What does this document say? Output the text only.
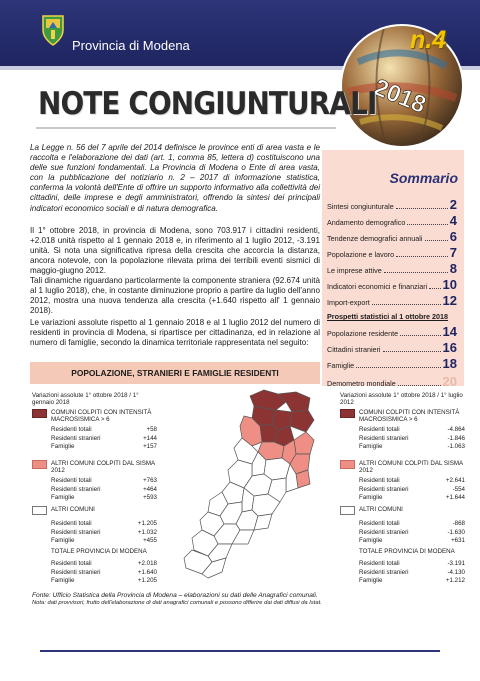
Provincia di Modena
2018
n.4
NOTE CONGIUNTURALI

La Legge n. 56 del 7 aprile del 2014 definisce le province enti di area vasta e le raccolta e l'elaborazione dei dati (art. 1, comma 85, lettera d) costituiscono una delle sue funzioni fondamentali. La Provincia di Modena o Ente di area vasta, con la pubblicazione del notiziario n. 2 – 2017 di informazione statistica, conferma la volontà dell'Ente di offrire un supporto informativo alla collettività dei cittadini, delle imprese e degli amministratori, offrendo la sintesi dei principali indicatori economico sociali e di natura demografica.

Il 1° ottobre 2018, in provincia di Modena, sono 703.917 i cittadini residenti, +2.018 unità rispetto al 1 gennaio 2018 e, in riferimento al 1 luglio 2012, -3.191 unità. Si nota una significativa ripresa della crescita che accorcia la distanza, ancora notevole, con la popolazione rilevata prima dei terribili eventi sismici di maggio-giugno 2012.

Tali dinamiche riguardano particolarmente la componente straniera (92.674 unità al 1 luglio 2018), che, in costante diminuzione proprio a partire da luglio dell'anno 2012, mostra una nuova tendenza alla crescita (+1.640 rispetto all' 1 gennaio 2018).

Le variazioni assolute rispetto al 1 gennaio 2018 e al 1 luglio 2012 del numero di residenti in provincia di Modena, si ripartisce per cittadinanza, ed in relazione al numero di famiglie, secondo la dinamica territoriale rappresentata nel seguito:

Sommario
Sintesi congiunturale	2
Andamento demografico	4
Tendenze demografici annuali 6
Popolazione e lavoro	7
Le imprese attive	8
Indicatori economici e finanziari 10
Import-export	12
Prospetti statistici al 1 ottobre 2018
Popolazione residente	14
Cittadini stranieri	16
Famiglie	18
Demometro mondiale	20
POPOLAZIONE, STRANIERI E FAMIGLIE RESIDENTI
Variazioni assolute 1° ottobre 2018 / 1° gennaio 2018
COMUNI COLPITI CON INTENSITÀ MACROSISMICA > 6
Residenti totali	+58
Residenti stranieri	+144
Famiglie	+157
ALTRI COMUNI COLPITI DAL SISMA 2012
Residenti totali	+763
Residenti stranieri	+464
Famiglie	+593
ALTRI COMUNI
Residenti totali	+1.205
Residenti stranieri	+1.032
Famiglie	+455
TOTALE PROVINCIA DI MODENA
Residenti totali	+2.018
Residenti stranieri	+1.640
Famiglie	+1.205
Variazioni assolute 1° ottobre 2018 / 1° luglio 2012
COMUNI COLPITI CON INTENSITÀ MACROSISMICA > 6
Residenti totali	-4.864
Residenti stranieri	-1.846
Famiglie	-1.063
ALTRI COMUNI COLPITI DAL SISMA 2012
Residenti totali	+2.641
Residenti stranieri	-554
Famiglie	+1.644
ALTRI COMUNI
Residenti totali	-868
Residenti stranieri	-1.630
Famiglie	+631
TOTALE PROVINCIA DI MODENA
Residenti totali	-3.191
Residenti stranieri	-4.130
Famiglie	+1.212
Fonte: Ufficio Statistica della Provincia di Modena – elaborazioni su dati delle Anagrafici comunali.
Nota: dati provvisori, frutto dell'elaborazione di dati anagrafici comunali e possono differire dai dati diffusi da Istat.
